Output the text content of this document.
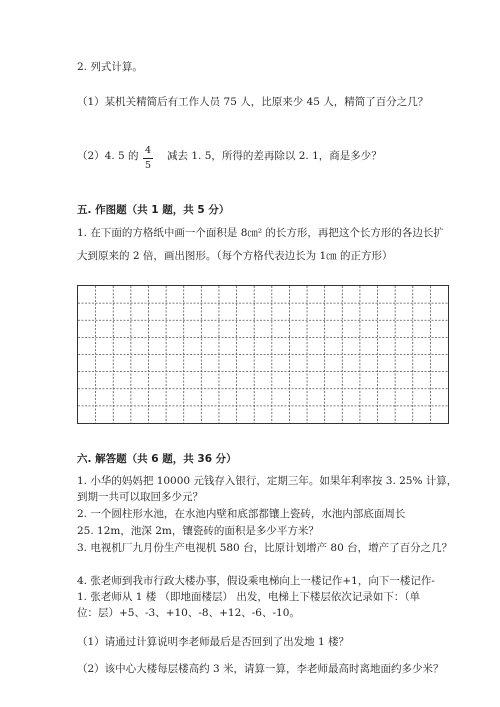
2. 列式计算。
（1）某机关精简后有工作人员 75 人，比原来少 45 人，精简了百分之几？
（2）4. 5 的 4
5
减去 1. 5，所得的差再除以 2. 1，商是多少？
五. 作图题（共 1 题，共 5 分）
1. 在下面的方格纸中画一个面积是 8㎝² 的长方形，再把这个长方形的各边长扩
大到原来的 2 倍，画出图形。（每个方格代表边长为 1㎝ 的正方形）
六. 解答题（共 6 题，共 36 分）
1. 小华的妈妈把 10000 元钱存入银行，定期三年。如果年利率按 3. 25% 计算，
到期一共可以取回多少元？
2. 一个圆柱形水池，在水池内壁和底部都镶上瓷砖，水池内部底面周长
25. 12m，池深 2m，镶瓷砖的面积是多少平方米？
3. 电视机厂九月份生产电视机 580 台，比原计划增产 80 台，增产了百分之几？
4. 张老师到我市行政大楼办事，假设乘电梯向上一楼记作+1，向下一楼记作-
1. 张老师从 1 楼 （即地面楼层） 出发，电梯上下楼层依次记录如下：（单
位：层）+5、-3、+10、-8、+12、-6、-10。
（1）请通过计算说明李老师最后是否回到了出发地 1 楼？
（2）该中心大楼每层楼高约 3 米，请算一算，李老师最高时离地面约多少米？
